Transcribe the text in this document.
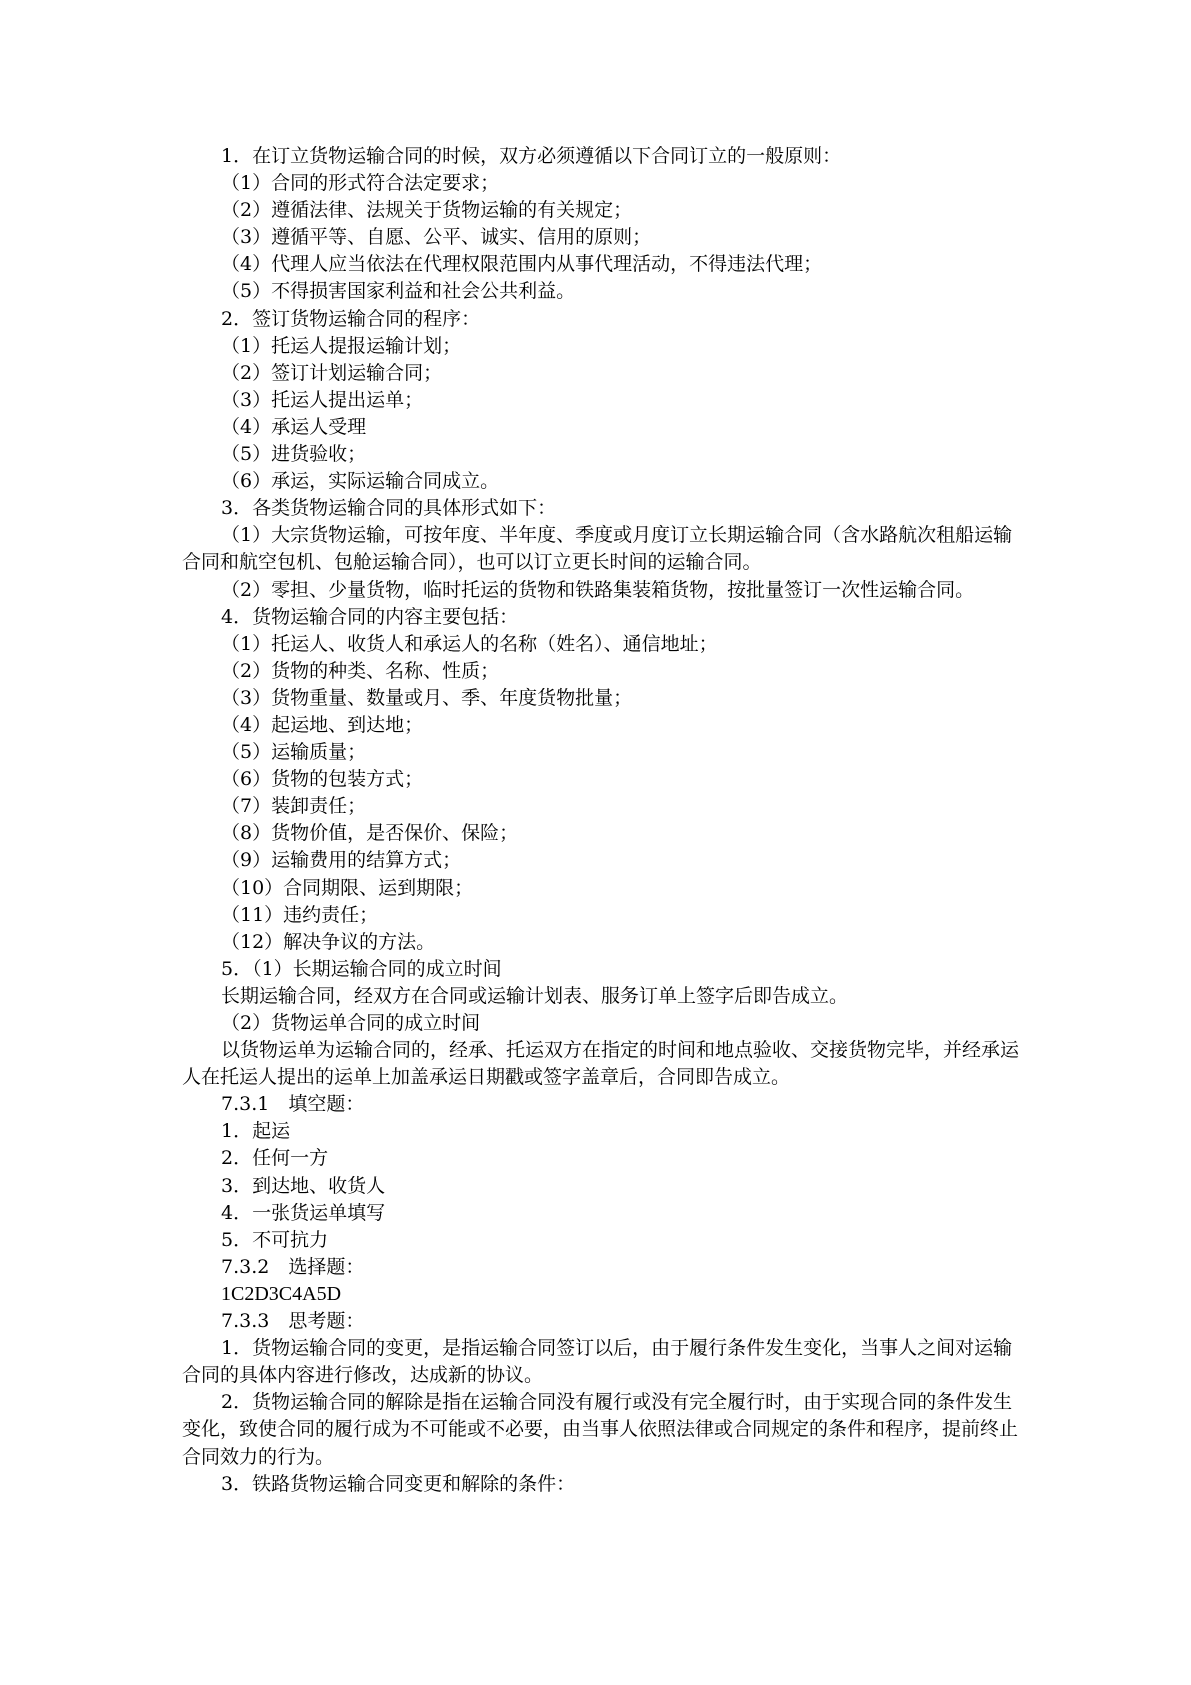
1．在订立货物运输合同的时候，双方必须遵循以下合同订立的一般原则：

（1）合同的形式符合法定要求；

（2）遵循法律、法规关于货物运输的有关规定；

（3）遵循平等、自愿、公平、诚实、信用的原则；

（4）代理人应当依法在代理权限范围内从事代理活动，不得违法代理；

（5）不得损害国家利益和社会公共利益。

2．签订货物运输合同的程序：

（1）托运人提报运输计划；

（2）签订计划运输合同；

（3）托运人提出运单；

（4）承运人受理

（5）进货验收；

（6）承运，实际运输合同成立。

3．各类货物运输合同的具体形式如下：

（1）大宗货物运输，可按年度、半年度、季度或月度订立长期运输合同（含水路航次租船运输合同和航空包机、包舱运输合同），也可以订立更长时间的运输合同。

（2）零担、少量货物，临时托运的货物和铁路集装箱货物，按批量签订一次性运输合同。

4．货物运输合同的内容主要包括：

（1）托运人、收货人和承运人的名称（姓名）、通信地址；

（2）货物的种类、名称、性质；

（3）货物重量、数量或月、季、年度货物批量；

（4）起运地、到达地；

（5）运输质量；

（6）货物的包装方式；

（7）装卸责任；

（8）货物价值，是否保价、保险；

（9）运输费用的结算方式；

（10）合同期限、运到期限；

（11）违约责任；

（12）解决争议的方法。

5．（1）长期运输合同的成立时间

长期运输合同，经双方在合同或运输计划表、服务订单上签字后即告成立。

（2）货物运单合同的成立时间

以货物运单为运输合同的，经承、托运双方在指定的时间和地点验收、交接货物完毕，并经承运人在托运人提出的运单上加盖承运日期戳或签字盖章后，合同即告成立。

7.3.1　填空题：

1．起运

2．任何一方

3．到达地、收货人

4．一张货运单填写

5．不可抗力

7.3.2　选择题：

1C2D3C4A5D

7.3.3　思考题：

1．货物运输合同的变更，是指运输合同签订以后，由于履行条件发生变化，当事人之间对运输合同的具体内容进行修改，达成新的协议。

2．货物运输合同的解除是指在运输合同没有履行或没有完全履行时，由于实现合同的条件发生变化，致使合同的履行成为不可能或不必要，由当事人依照法律或合同规定的条件和程序，提前终止合同效力的行为。

3．铁路货物运输合同变更和解除的条件：
